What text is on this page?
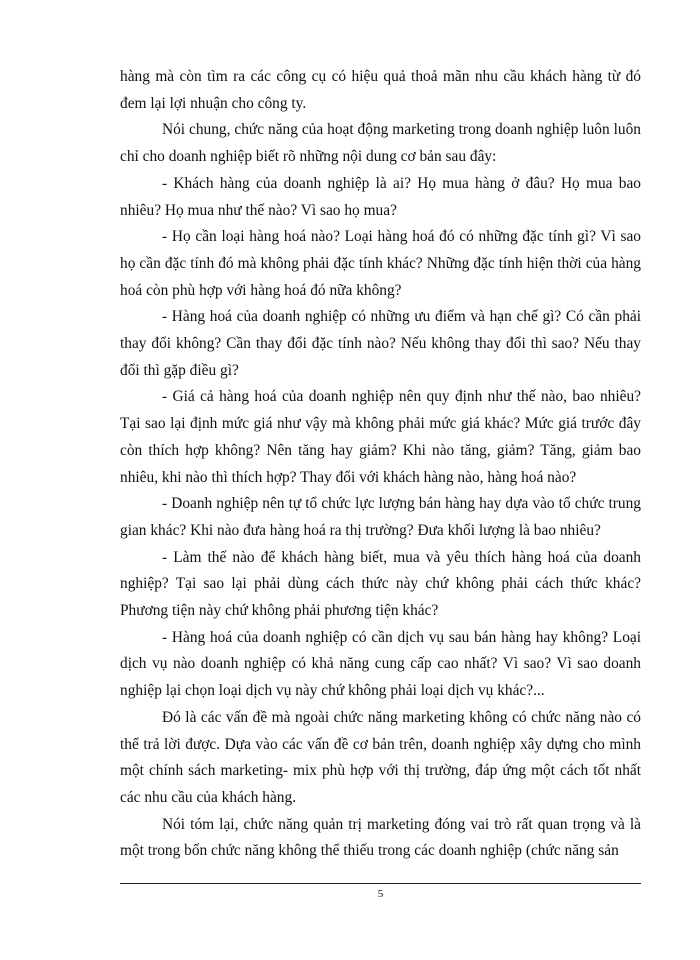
hàng mà còn tìm ra các công cụ có hiệu quả thoả mãn nhu cầu khách hàng từ đó đem lại lợi nhuận cho công ty.

Nói chung, chức năng của hoạt động marketing trong doanh nghiệp luôn luôn chỉ cho doanh nghiệp biết rõ những nội dung cơ bản sau đây:

- Khách hàng của doanh nghiệp là ai? Họ mua hàng ở đâu? Họ mua bao nhiêu? Họ mua như thế nào? Vì sao họ mua?

- Họ cần loại hàng hoá nào? Loại hàng hoá đó có những đặc tính gì? Vì sao họ cần đặc tính đó mà không phải đặc tính khác? Những đặc tính hiện thời của hàng hoá còn phù hợp với hàng hoá đó nữa không?

- Hàng hoá của doanh nghiệp có những ưu điểm và hạn chế gì? Có cần phải thay đổi không? Cần thay đổi đặc tính nào? Nếu không thay đổi thì sao? Nếu thay đổi thì gặp điều gì?

- Giá cả hàng hoá của doanh nghiệp nên quy định như thế nào, bao nhiêu? Tại sao lại định mức giá như vậy mà không phải mức giá khác? Mức giá trước đây còn thích hợp không? Nên tăng hay giảm? Khi nào tăng, giảm? Tăng, giảm bao nhiêu, khi nào thì thích hợp? Thay đổi với khách hàng nào, hàng hoá nào?

- Doanh nghiệp nên tự tổ chức lực lượng bán hàng hay dựa vào tổ chức trung gian khác? Khi nào đưa hàng hoá ra thị trường? Đưa khối lượng là bao nhiêu?

- Làm thế nào để khách hàng biết, mua và yêu thích hàng hoá của doanh nghiệp? Tại sao lại phải dùng cách thức này chứ không phải cách thức khác? Phương tiện này chứ không phải phương tiện khác?

- Hàng hoá của doanh nghiệp có cần dịch vụ sau bán hàng hay không? Loại dịch vụ nào doanh nghiệp có khả năng cung cấp cao nhất? Vì sao? Vì sao doanh nghiệp lại chọn loại dịch vụ này chứ không phải loại dịch vụ khác?...

Đó là các vấn đề mà ngoài chức năng marketing không có chức năng nào có thể trả lời được. Dựa vào các vấn đề cơ bản trên, doanh nghiệp xây dựng cho mình một chính sách marketing- mix phù hợp với thị trường, đáp ứng một cách tốt nhất các nhu cầu của khách hàng.

Nói tóm lại, chức năng quản trị marketing đóng vai trò rất quan trọng và là một trong bốn chức năng không thể thiếu trong các doanh nghiệp (chức năng sản

5
